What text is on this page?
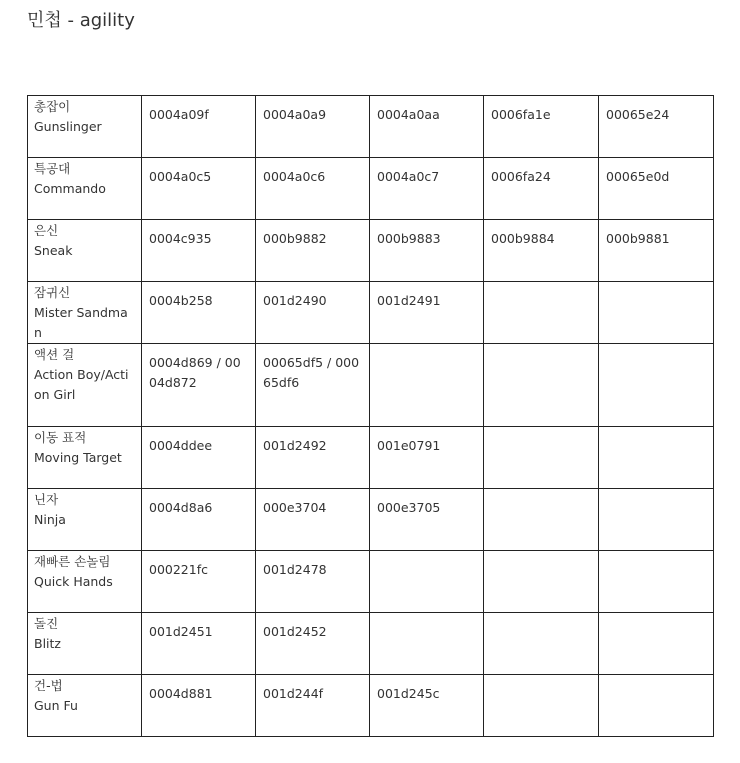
민첩 - agility
총잡이
Gunslinger	0004a09f	0004a0a9	0004a0aa	0006fa1e	00065e24

특공대
Commando	0004a0c5	0004a0c6	0004a0c7	0006fa24	00065e0d

은신
Sneak	0004c935	000b9882	000b9883	000b9884	000b9881

잠귀신
Mister Sandman	0004b258	001d2490	001d2491		

액션 걸
Action Boy/Action Girl	0004d869 / 0004d872	00065df5 / 00065df6			

이동 표적
Moving Target	0004ddee	001d2492	001e0791		

닌자
Ninja	0004d8a6	000e3704	000e3705		

재빠른 손놀림
Quick Hands	000221fc	001d2478			

돌진
Blitz	001d2451	001d2452			

건-법
Gun Fu	0004d881	001d244f	001d245c		
